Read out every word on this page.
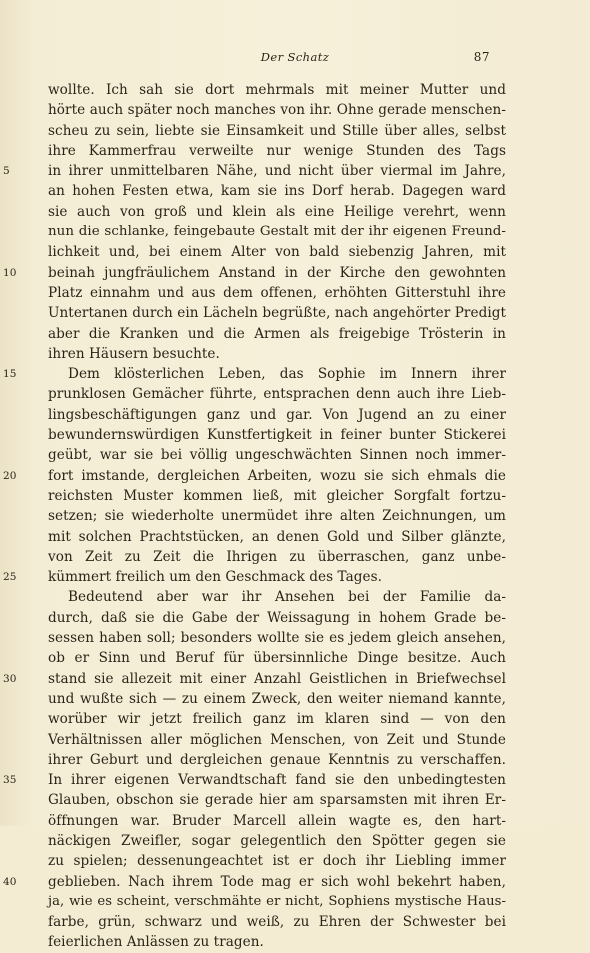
Der Schatz	87
wollte. Ich sah sie dort mehrmals mit meiner Mutter und
hörte auch später noch manches von ihr. Ohne gerade menschen-
scheu zu sein, liebte sie Einsamkeit und Stille über alles, selbst
ihre Kammerfrau verweilte nur wenige Stunden des Tags
in ihrer unmittelbaren Nähe, und nicht über viermal im Jahre,
5
an hohen Festen etwa, kam sie ins Dorf herab. Dagegen ward
sie auch von groß und klein als eine Heilige verehrt, wenn
nun die schlanke, feingebaute Gestalt mit der ihr eigenen Freund-
lichkeit und, bei einem Alter von bald siebenzig Jahren, mit
beinah jungfräulichem Anstand in der Kirche den gewohnten
10
Platz einnahm und aus dem offenen, erhöhten Gitterstuhl ihre
Untertanen durch ein Lächeln begrüßte, nach angehörter Predigt
aber die Kranken und die Armen als freigebige Trösterin in
ihren Häusern besuchte.
Dem klösterlichen Leben, das Sophie im Innern ihrer
15
prunklosen Gemächer führte, entsprachen denn auch ihre Lieb-
lingsbeschäftigungen ganz und gar. Von Jugend an zu einer
bewundernswürdigen Kunstfertigkeit in feiner bunter Stickerei
geübt, war sie bei völlig ungeschwächten Sinnen noch immer-
fort imstande, dergleichen Arbeiten, wozu sie sich ehmals die
20
reichsten Muster kommen ließ, mit gleicher Sorgfalt fortzu-
setzen; sie wiederholte unermüdet ihre alten Zeichnungen, um
mit solchen Prachtstücken, an denen Gold und Silber glänzte,
von Zeit zu Zeit die Ihrigen zu überraschen, ganz unbe-
kümmert freilich um den Geschmack des Tages.
25
Bedeutend aber war ihr Ansehen bei der Familie da-
durch, daß sie die Gabe der Weissagung in hohem Grade be-
sessen haben soll; besonders wollte sie es jedem gleich ansehen,
ob er Sinn und Beruf für übersinnliche Dinge besitze. Auch
stand sie allezeit mit einer Anzahl Geistlichen in Briefwechsel
30
und wußte sich — zu einem Zweck, den weiter niemand kannte,
worüber wir jetzt freilich ganz im klaren sind — von den
Verhältnissen aller möglichen Menschen, von Zeit und Stunde
ihrer Geburt und dergleichen genaue Kenntnis zu verschaffen.
In ihrer eigenen Verwandtschaft fand sie den unbedingtesten
35
Glauben, obschon sie gerade hier am sparsamsten mit ihren Er-
öffnungen war. Bruder Marcell allein wagte es, den hart-
näckigen Zweifler, sogar gelegentlich den Spötter gegen sie
zu spielen; dessenungeachtet ist er doch ihr Liebling immer
geblieben. Nach ihrem Tode mag er sich wohl bekehrt haben,
40
ja, wie es scheint, verschmähte er nicht, Sophiens mystische Haus-
farbe, grün, schwarz und weiß, zu Ehren der Schwester bei
feierlichen Anlässen zu tragen.
